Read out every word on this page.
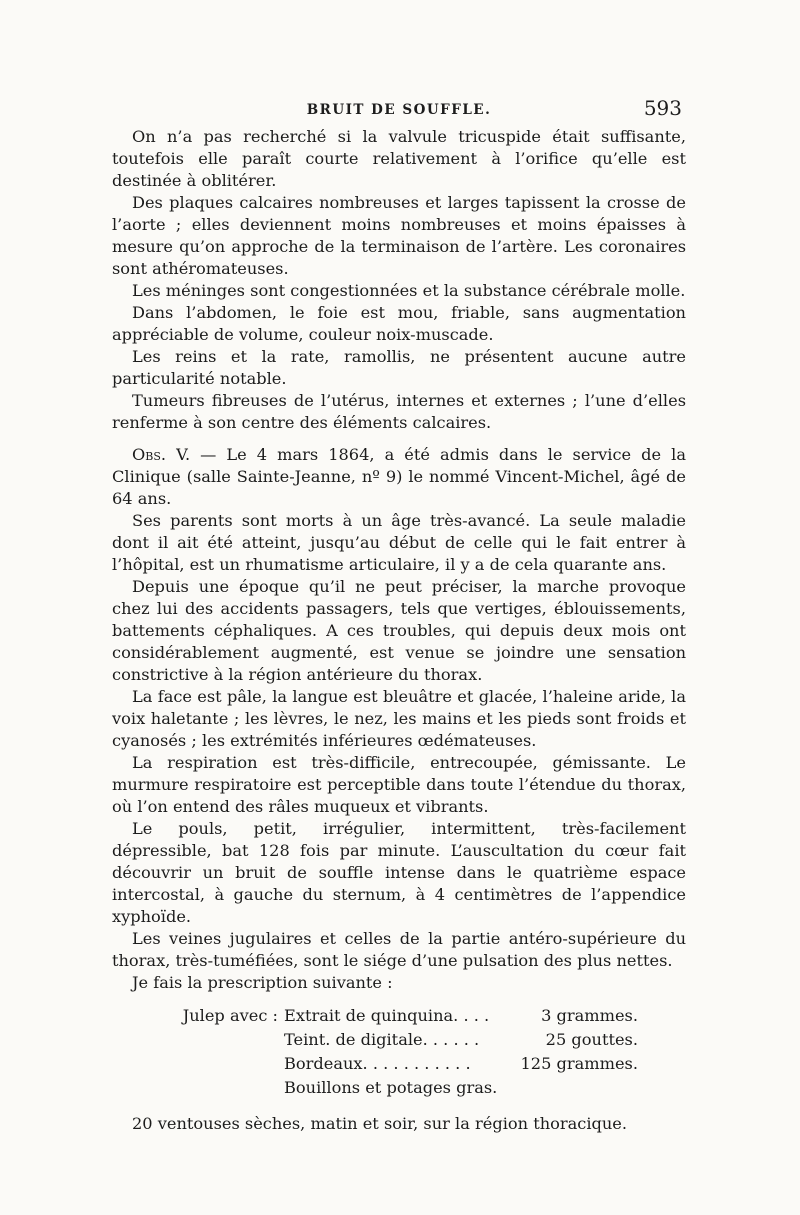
BRUIT DE SOUFFLE.	593

On n’a pas recherché si la valvule tricuspide était suffisante, toutefois elle paraît courte relativement à l’orifice qu’elle est destinée à oblitérer.

Des plaques calcaires nombreuses et larges tapissent la crosse de l’aorte ; elles deviennent moins nombreuses et moins épaisses à mesure qu’on approche de la terminaison de l’artère. Les coronaires sont athéromateuses.

Les méninges sont congestionnées et la substance cérébrale molle.

Dans l’abdomen, le foie est mou, friable, sans augmentation appréciable de volume, couleur noix-muscade.

Les reins et la rate, ramollis, ne présentent aucune autre particularité notable.

Tumeurs fibreuses de l’utérus, internes et externes ; l’une d’elles renferme à son centre des éléments calcaires.

Obs. V. — Le 4 mars 1864, a été admis dans le service de la Clinique (salle Sainte-Jeanne, nº 9) le nommé Vincent-Michel, âgé de 64 ans.

Ses parents sont morts à un âge très-avancé. La seule maladie dont il ait été atteint, jusqu’au début de celle qui le fait entrer à l’hôpital, est un rhumatisme articulaire, il y a de cela quarante ans.

Depuis une époque qu’il ne peut préciser, la marche provoque chez lui des accidents passagers, tels que vertiges, éblouissements, battements céphaliques. A ces troubles, qui depuis deux mois ont considérablement augmenté, est venue se joindre une sensation constrictive à la région antérieure du thorax.

La face est pâle, la langue est bleuâtre et glacée, l’haleine aride, la voix haletante ; les lèvres, le nez, les mains et les pieds sont froids et cyanosés ; les extrémités inférieures œdémateuses.

La respiration est très-difficile, entrecoupée, gémissante. Le murmure respiratoire est perceptible dans toute l’étendue du thorax, où l’on entend des râles muqueux et vibrants.

Le pouls, petit, irrégulier, intermittent, très-facilement dépressible, bat 128 fois par minute. L’auscultation du cœur fait découvrir un bruit de souffle intense dans le quatrième espace intercostal, à gauche du sternum, à 4 centimètres de l’appendice xyphoïde.

Les veines jugulaires et celles de la partie antéro-supérieure du thorax, très-tuméfiées, sont le siége d’une pulsation des plus nettes.

Je fais la prescription suivante :

Julep avec : Extrait de quinquina. . . .	3 grammes.
Teint. de digitale. . . . . .	25 gouttes.
Bordeaux. . . . . . . . . . .	125 grammes.
Bouillons et potages gras.

20 ventouses sèches, matin et soir, sur la région thoracique.
